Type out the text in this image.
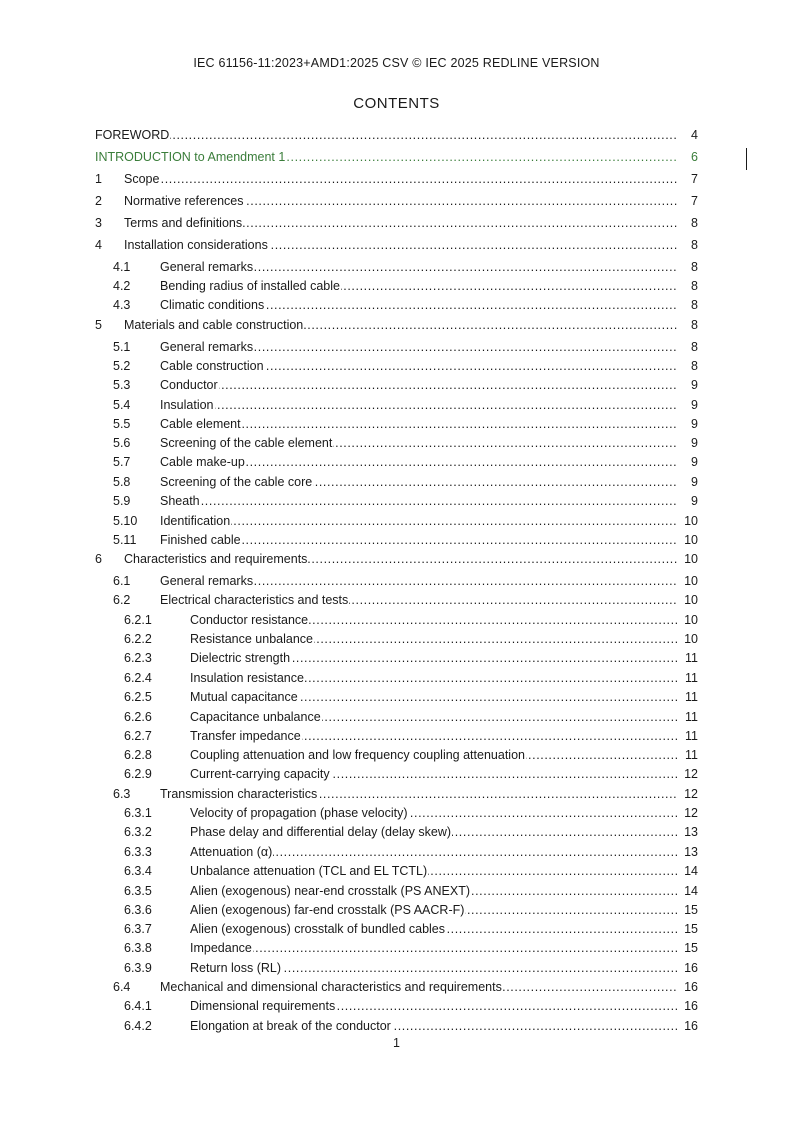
IEC 61156-11:2023+AMD1:2025 CSV © IEC 2025 REDLINE VERSION
CONTENTS
FOREWORD .....	4
INTRODUCTION to Amendment 1 .....	6
1 Scope .....	7
2 Normative references .....	7
3 Terms and definitions .....	8
4 Installation considerations .....	8
4.1 General remarks .....	8
4.2 Bending radius of installed cable .....	8
4.3 Climatic conditions .....	8
5 Materials and cable construction .....	8
5.1 General remarks .....	8
5.2 Cable construction .....	8
5.3 Conductor .....	9
5.4 Insulation .....	9
5.5 Cable element .....	9
5.6 Screening of the cable element .....	9
5.7 Cable make-up .....	9
5.8 Screening of the cable core .....	9
5.9 Sheath .....	9
5.10 Identification .....	10
5.11 Finished cable .....	10
6 Characteristics and requirements .....	10
6.1 General remarks .....	10
6.2 Electrical characteristics and tests .....	10
6.2.1	Conductor resistance .....	10
6.2.2	Resistance unbalance .....	10
6.2.3	Dielectric strength .....	11
6.2.4	Insulation resistance .....	11
6.2.5	Mutual capacitance .....	11
6.2.6	Capacitance unbalance .....	11
6.2.7	Transfer impedance .....	11
6.2.8	Coupling attenuation and low frequency coupling attenuation .....	11
6.2.9	Current-carrying capacity .....	12
6.3 Transmission characteristics .....	12
6.3.1	Velocity of propagation (phase velocity) .....	12
6.3.2	Phase delay and differential delay (delay skew) .....	13
6.3.3	Attenuation (α) .....	13
6.3.4	Unbalance attenuation (TCL and EL TCTL) .....	14
6.3.5	Alien (exogenous) near-end crosstalk (PS ANEXT) .....	14
6.3.6	Alien (exogenous) far-end crosstalk (PS AACR-F) .....	15
6.3.7	Alien (exogenous) crosstalk of bundled cables .....	15
6.3.8	Impedance .....	15
6.3.9	Return loss (RL) .....	16
6.4 Mechanical and dimensional characteristics and requirements .....	16
6.4.1	Dimensional requirements .....	16
6.4.2	Elongation at break of the conductor .....	16
1
